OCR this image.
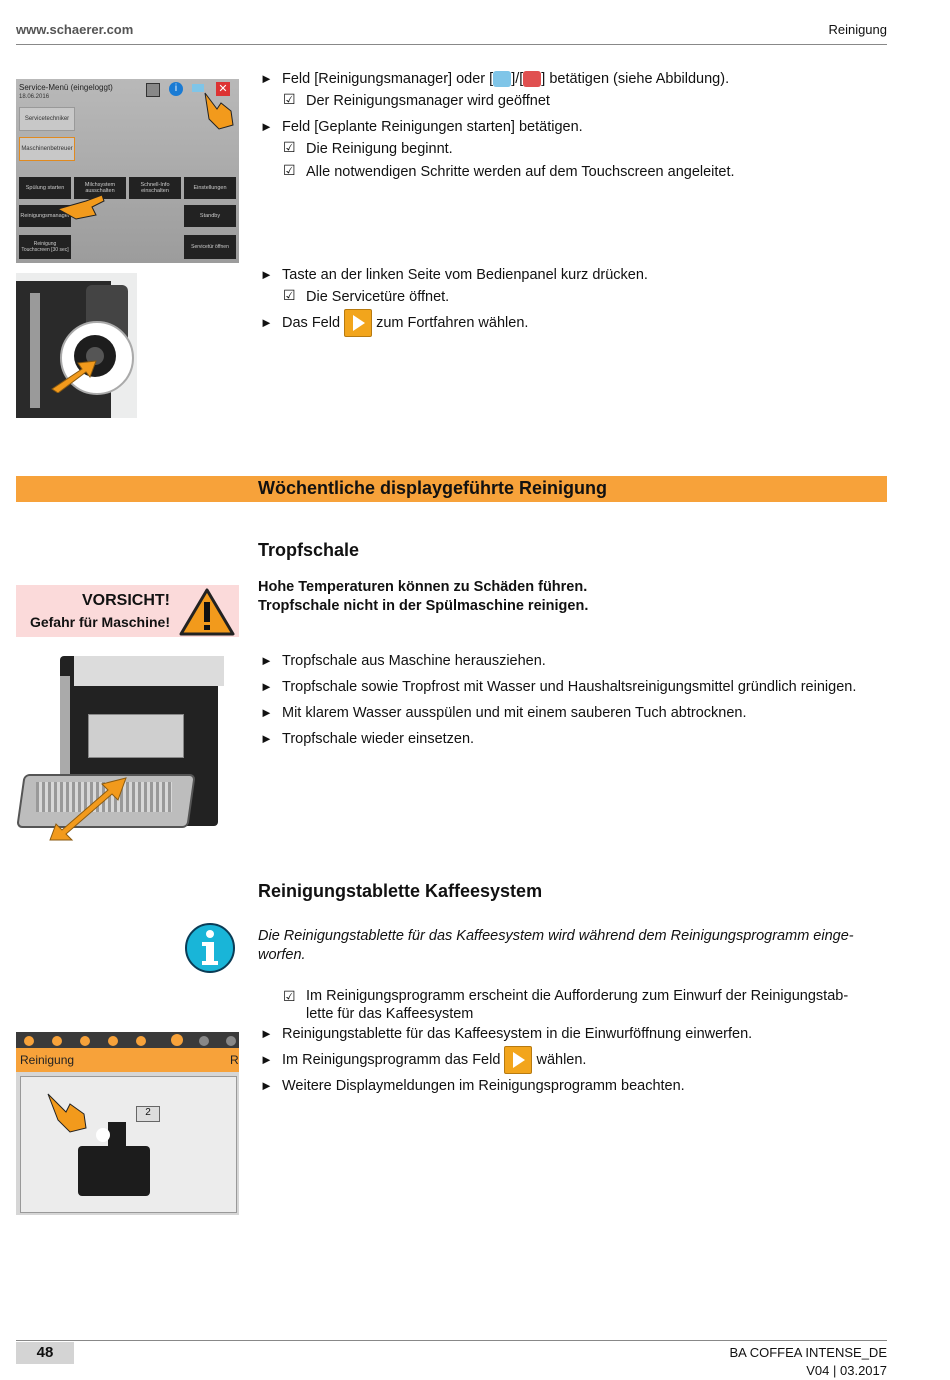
www.schaerer.com	Reinigung
Service-Menü (eingeloggt)
18.06.2016
i	✕
Servicetechniker
Maschinenbetreuer
Spülung starten	Milchsystem ausschalten
Schnell-Info einschalten	Einstellungen
Reinigungsmanager	Standby
Reinigung Touchscreen [30 sec]	Servicetür öffnen
► Feld [Reinigungsmanager] oder [ ]/[ ] betätigen (siehe Abbildung).
☑ Der Reinigungsmanager wird geöffnet
► Feld [Geplante Reinigungen starten] betätigen.
☑ Die Reinigung beginnt.
☑ Alle notwendigen Schritte werden auf dem Touchscreen angeleitet.
► Taste an der linken Seite vom Bedienpanel kurz drücken.
☑ Die Servicetüre öffnet.
► Das Feld zum Fortfahren wählen.
Wöchentliche displaygeführte Reinigung
Tropfschale
VORSICHT!
Gefahr für Maschine!
Hohe Temperaturen können zu Schäden führen.
Tropfschale nicht in der Spülmaschine reinigen.
► Tropfschale aus Maschine herausziehen.
► Tropfschale sowie Tropfrost mit Wasser und Haushaltsreinigungsmittel gründlich reinigen.
► Mit klarem Wasser ausspülen und mit einem sauberen Tuch abtrocknen.
► Tropfschale wieder einsetzen.
Reinigungstablette Kaffeesystem
Die Reinigungstablette für das Kaffeesystem wird während dem Reinigungsprogramm einge-worfen.
☑ Im Reinigungsprogramm erscheint die Aufforderung zum Einwurf der Reinigungstab-
lette für das Kaffeesystem
► Reinigungstablette für das Kaffeesystem in die Einwurföffnung einwerfen.
► Im Reinigungsprogramm das Feld wählen.
► Weitere Displaymeldungen im Reinigungsprogramm beachten.
Reinigung	R
2
48	BA COFFEA INTENSE_DE
V04 | 03.2017
